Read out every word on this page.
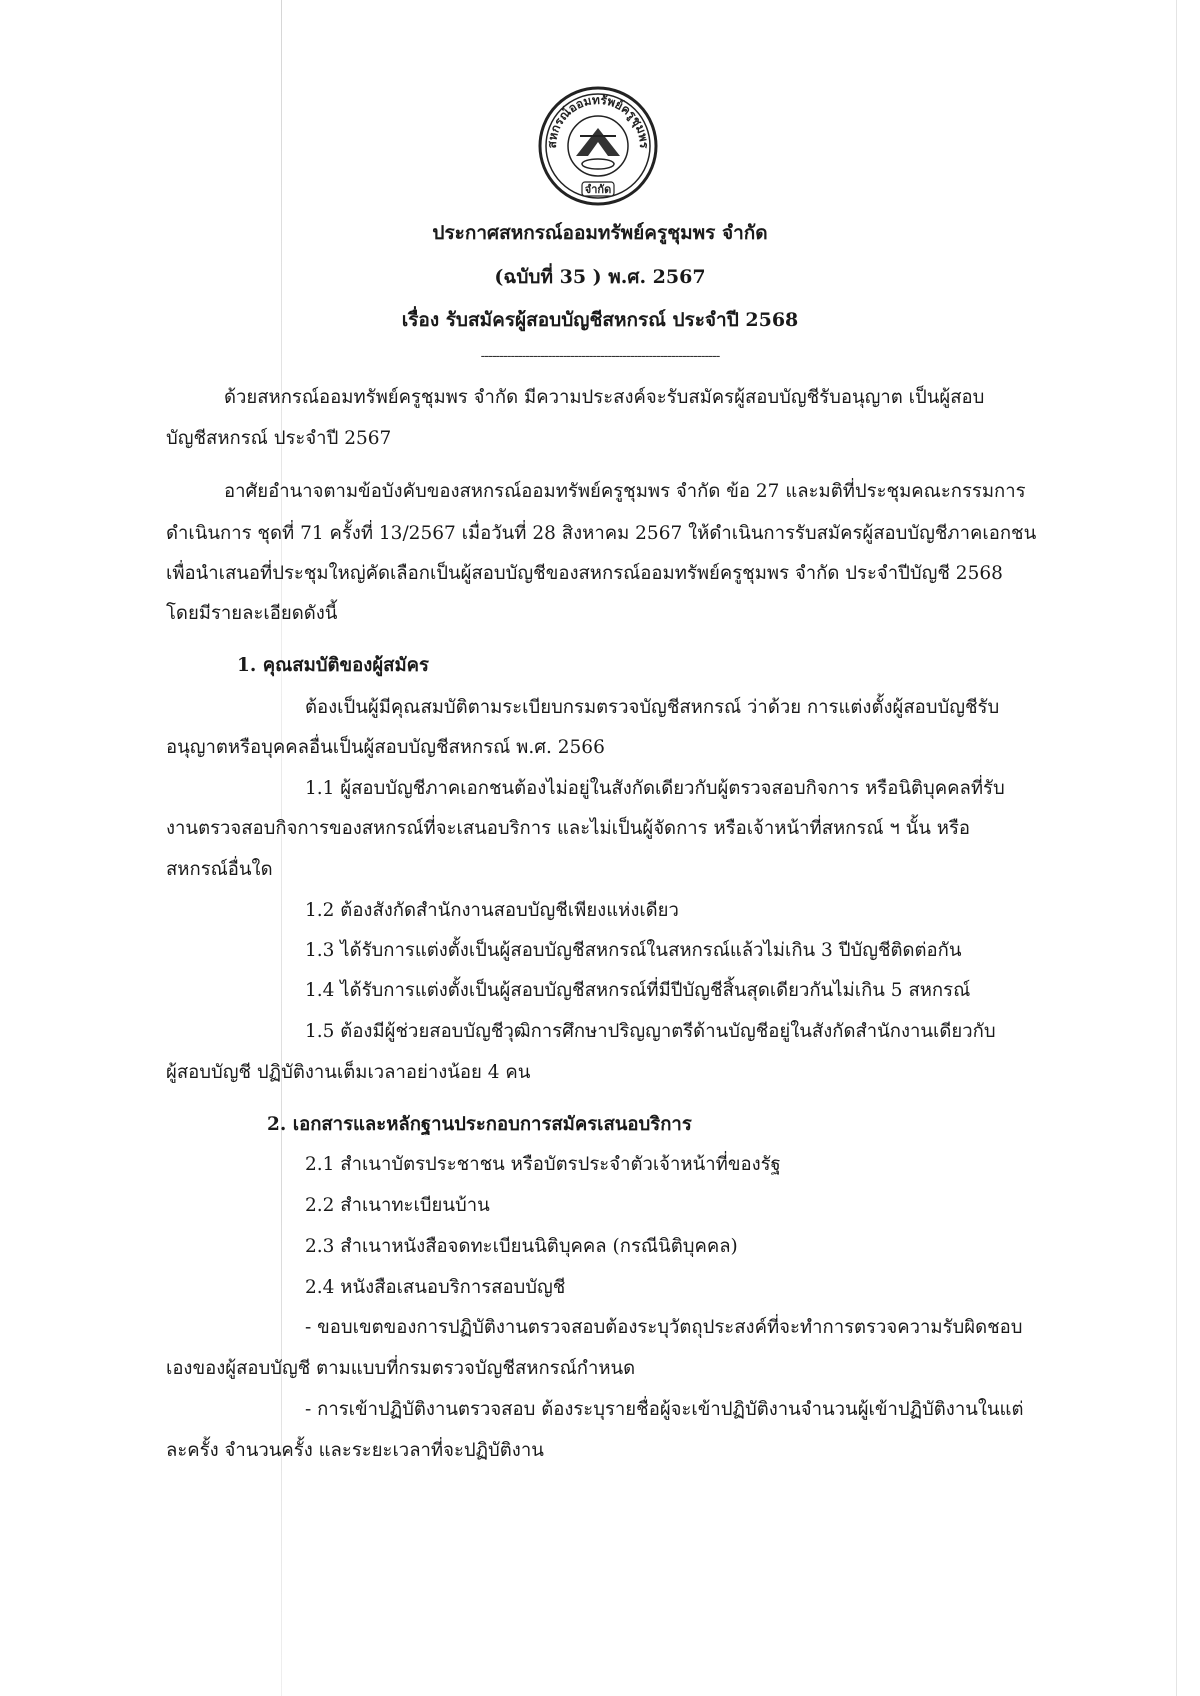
สหกรณ์ออมทรัพย์ครูชุมพร
จำกัด
ประกาศสหกรณ์ออมทรัพย์ครูชุมพร จำกัด
(ฉบับที่ 35 ) พ.ศ. 2567
เรื่อง รับสมัครผู้สอบบัญชีสหกรณ์ ประจำปี 2568
----------------------------------------------------------------
ด้วยสหกรณ์ออมทรัพย์ครูชุมพร จำกัด มีความประสงค์จะรับสมัครผู้สอบบัญชีรับอนุญาต เป็นผู้สอบ
บัญชีสหกรณ์ ประจำปี 2567
อาศัยอำนาจตามข้อบังคับของสหกรณ์ออมทรัพย์ครูชุมพร จำกัด ข้อ 27 และมติที่ประชุมคณะกรรมการ
ดำเนินการ ชุดที่ 71 ครั้งที่ 13/2567 เมื่อวันที่ 28 สิงหาคม 2567 ให้ดำเนินการรับสมัครผู้สอบบัญชีภาคเอกชน
เพื่อนำเสนอที่ประชุมใหญ่คัดเลือกเป็นผู้สอบบัญชีของสหกรณ์ออมทรัพย์ครูชุมพร จำกัด ประจำปีบัญชี 2568
โดยมีรายละเอียดดังนี้
1. คุณสมบัติของผู้สมัคร
ต้องเป็นผู้มีคุณสมบัติตามระเบียบกรมตรวจบัญชีสหกรณ์ ว่าด้วย การแต่งตั้งผู้สอบบัญชีรับ
อนุญาตหรือบุคคลอื่นเป็นผู้สอบบัญชีสหกรณ์ พ.ศ. 2566
1.1 ผู้สอบบัญชีภาคเอกชนต้องไม่อยู่ในสังกัดเดียวกับผู้ตรวจสอบกิจการ หรือนิติบุคคลที่รับ
งานตรวจสอบกิจการของสหกรณ์ที่จะเสนอบริการ และไม่เป็นผู้จัดการ หรือเจ้าหน้าที่สหกรณ์ ฯ นั้น หรือ
สหกรณ์อื่นใด
1.2 ต้องสังกัดสำนักงานสอบบัญชีเพียงแห่งเดียว
1.3 ได้รับการแต่งตั้งเป็นผู้สอบบัญชีสหกรณ์ในสหกรณ์แล้วไม่เกิน 3 ปีบัญชีติดต่อกัน
1.4 ได้รับการแต่งตั้งเป็นผู้สอบบัญชีสหกรณ์ที่มีปีบัญชีสิ้นสุดเดียวกันไม่เกิน 5 สหกรณ์
1.5 ต้องมีผู้ช่วยสอบบัญชีวุฒิการศึกษาปริญญาตรีด้านบัญชีอยู่ในสังกัดสำนักงานเดียวกับ
ผู้สอบบัญชี ปฏิบัติงานเต็มเวลาอย่างน้อย 4 คน
2. เอกสารและหลักฐานประกอบการสมัครเสนอบริการ
2.1 สำเนาบัตรประชาชน หรือบัตรประจำตัวเจ้าหน้าที่ของรัฐ
2.2 สำเนาทะเบียนบ้าน
2.3 สำเนาหนังสือจดทะเบียนนิติบุคคล (กรณีนิติบุคคล)
2.4 หนังสือเสนอบริการสอบบัญชี
- ขอบเขตของการปฏิบัติงานตรวจสอบต้องระบุวัตถุประสงค์ที่จะทำการตรวจความรับผิดชอบ
เองของผู้สอบบัญชี ตามแบบที่กรมตรวจบัญชีสหกรณ์กำหนด
- การเข้าปฏิบัติงานตรวจสอบ ต้องระบุรายชื่อผู้จะเข้าปฏิบัติงานจำนวนผู้เข้าปฏิบัติงานในแต่
ละครั้ง จำนวนครั้ง และระยะเวลาที่จะปฏิบัติงาน
